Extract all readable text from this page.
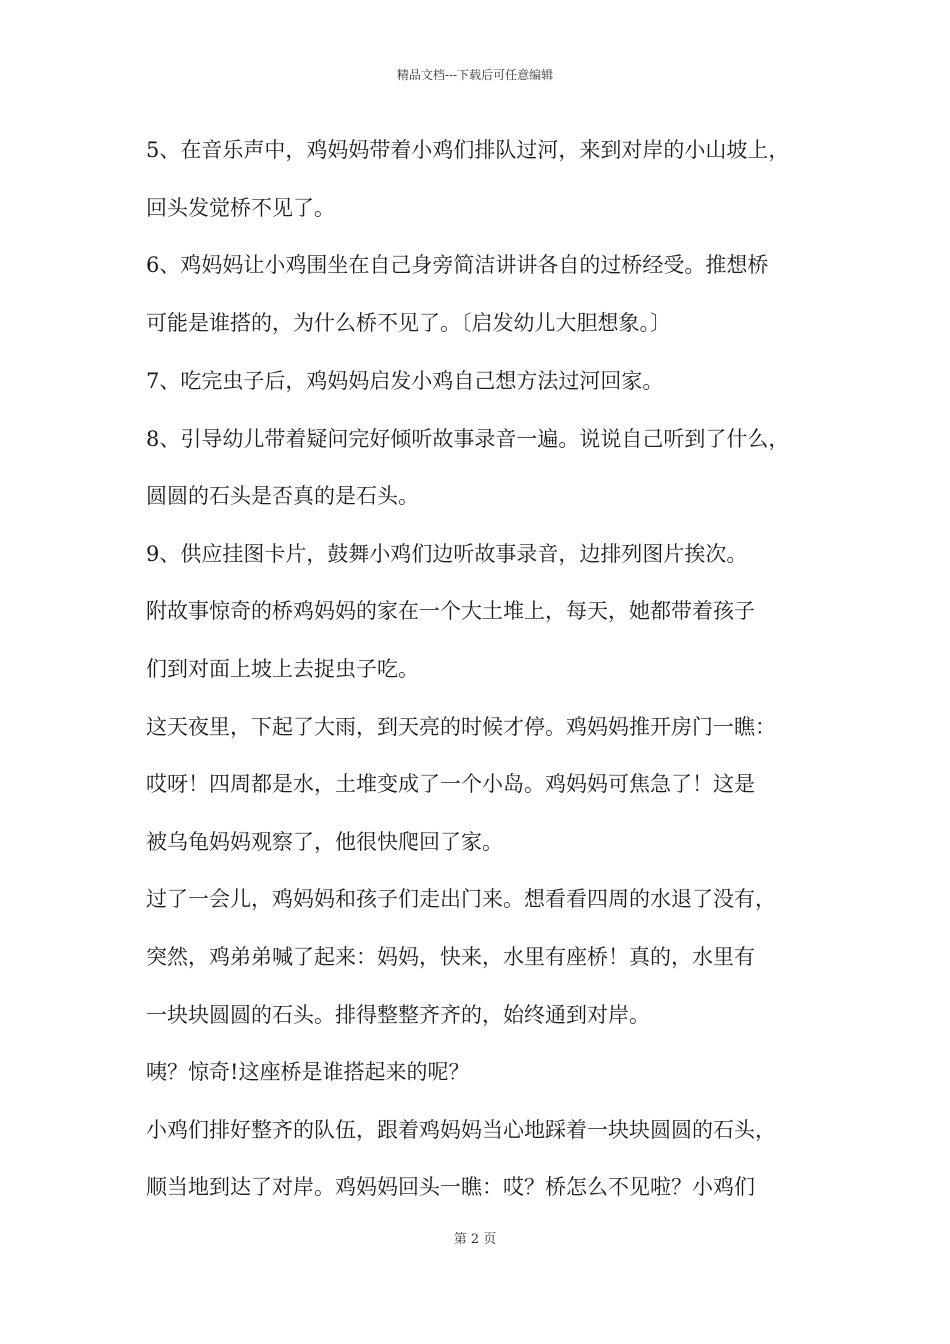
精品文档---下载后可任意编辑
5、在音乐声中，鸡妈妈带着小鸡们排队过河，来到对岸的小山坡上，
回头发觉桥不见了。
6、鸡妈妈让小鸡围坐在自己身旁简洁讲讲各自的过桥经受。推想桥
可能是谁搭的，为什么桥不见了。〔启发幼儿大胆想象。〕
7、吃完虫子后，鸡妈妈启发小鸡自己想方法过河回家。
8、引导幼儿带着疑问完好倾听故事录音一遍。说说自己听到了什么，
圆圆的石头是否真的是石头。
9、供应挂图卡片，鼓舞小鸡们边听故事录音，边排列图片挨次。
附故事惊奇的桥鸡妈妈的家在一个大土堆上，每天，她都带着孩子
们到对面上坡上去捉虫子吃。
这天夜里，下起了大雨，到天亮的时候才停。鸡妈妈推开房门一瞧：
哎呀！四周都是水，土堆变成了一个小岛。鸡妈妈可焦急了！这是
被乌龟妈妈观察了，他很快爬回了家。
过了一会儿，鸡妈妈和孩子们走出门来。想看看四周的水退了没有，
突然，鸡弟弟喊了起来：妈妈，快来，水里有座桥！真的，水里有
一块块圆圆的石头。排得整整齐齐的，始终通到对岸。
咦？惊奇!这座桥是谁搭起来的呢？
小鸡们排好整齐的队伍，跟着鸡妈妈当心地踩着一块块圆圆的石头，
顺当地到达了对岸。鸡妈妈回头一瞧：哎？桥怎么不见啦？小鸡们
第 2 页
